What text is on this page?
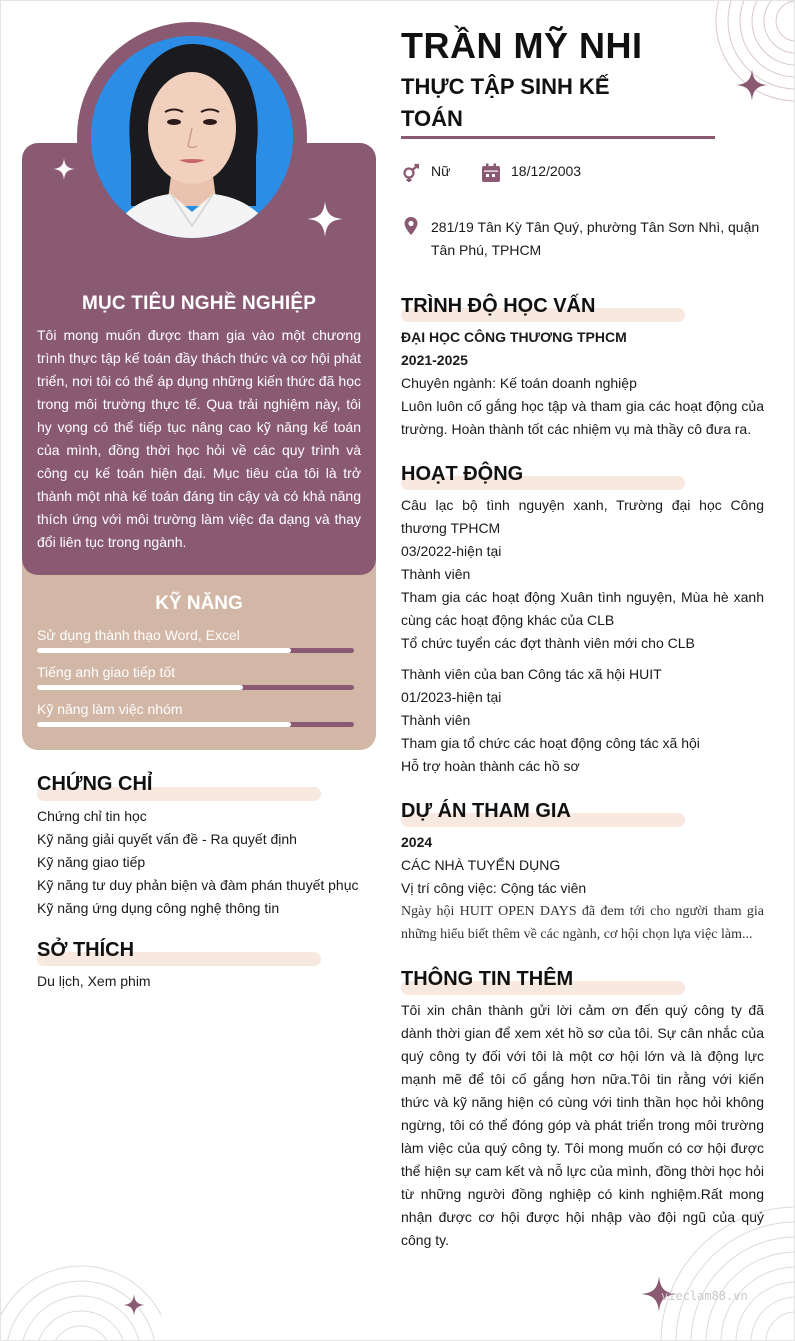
MỤC TIÊU NGHỀ NGHIỆP
Tôi mong muốn được tham gia vào một chương trình thực tập kế toán đầy thách thức và cơ hội phát triển, nơi tôi có thể áp dụng những kiến thức đã học trong môi trường thực tế. Qua trải nghiệm này, tôi hy vọng có thể tiếp tục nâng cao kỹ năng kế toán của mình, đồng thời học hỏi về các quy trình và công cụ kế toán hiện đại. Mục tiêu của tôi là trở thành một nhà kế toán đáng tin cậy và có khả năng thích ứng với môi trường làm việc đa dạng và thay đổi liên tục trong ngành.
KỸ NĂNG
Sử dụng thành thạo Word, Excel
Tiếng anh giao tiếp tốt
Kỹ năng làm việc nhóm
CHỨNG CHỈ
Chứng chỉ tin học
Kỹ năng giải quyết vấn đề - Ra quyết định
Kỹ năng giao tiếp
Kỹ năng tư duy phản biện và đàm phán thuyết phục
Kỹ năng ứng dụng công nghệ thông tin
SỞ THÍCH
Du lịch, Xem phim
TRẦN MỸ NHI
THỰC TẬP SINH KẾ
TOÁN
Nữ	18/12/2003
281/19 Tân Kỳ Tân Quý, phường Tân Sơn Nhì, quận
Tân Phú, TPHCM
TRÌNH ĐỘ HỌC VẤN
ĐẠI HỌC CÔNG THƯƠNG TPHCM
2021-2025
Chuyên ngành: Kế toán doanh nghiệp
Luôn luôn cố gắng học tập và tham gia các hoạt động của trường. Hoàn thành tốt các nhiệm vụ mà thầy cô đưa ra.
HOẠT ĐỘNG
Câu lạc bộ tình nguyện xanh, Trường đại học Công thương TPHCM
03/2022-hiện tại
Thành viên
Tham gia các hoạt động Xuân tình nguyện, Mùa hè xanh cùng các hoạt động khác của CLB
Tổ chức tuyển các đợt thành viên mới cho CLB
Thành viên của ban Công tác xã hội HUIT
01/2023-hiện tại
Thành viên
Tham gia tổ chức các hoạt động công tác xã hội
Hỗ trợ hoàn thành các hồ sơ
DỰ ÁN THAM GIA
2024
CÁC NHÀ TUYỂN DỤNG
Vị trí công việc: Cộng tác viên
Ngày hội HUIT OPEN DAYS đã đem tới cho người tham gia những hiểu biết thêm về các ngành, cơ hội chọn lựa việc làm...
THÔNG TIN THÊM
Tôi xin chân thành gửi lời cảm ơn đến quý công ty đã dành thời gian để xem xét hồ sơ của tôi. Sự cân nhắc của quý công ty đối với tôi là một cơ hội lớn và là động lực mạnh mẽ để tôi cố gắng hơn nữa.Tôi tin rằng với kiến thức và kỹ năng hiện có cùng với tinh thần học hỏi không ngừng, tôi có thể đóng góp và phát triển trong môi trường làm việc của quý công ty. Tôi mong muốn có cơ hội được thể hiện sự cam kết và nỗ lực của mình, đồng thời học hỏi từ những người đồng nghiệp có kinh nghiệm.Rất mong nhận được cơ hội được hội nhập vào đội ngũ của quý công ty.
vieclam88.vn
